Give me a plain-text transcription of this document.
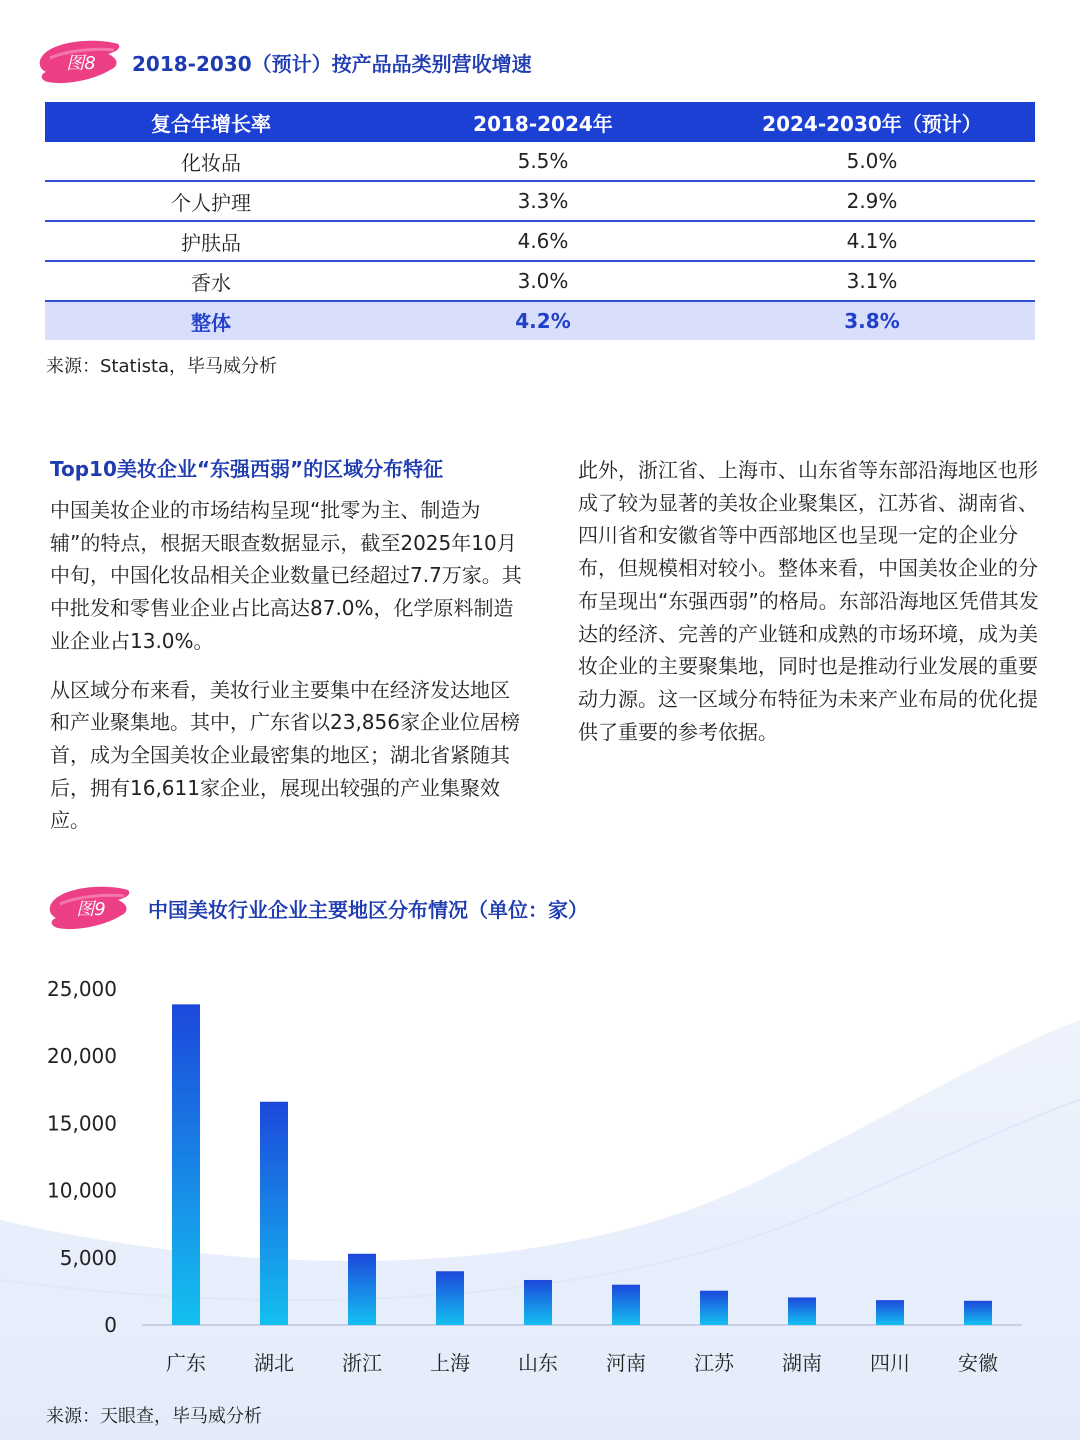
图8	2018-2030（预计）按产品品类别营收增速
复合年增长率	2018-2024年	2024-2030年（预计）
化妆品	5.5%	5.0%
个人护理	3.3%	2.9%
护肤品	4.6%	4.1%
香水	3.0%	3.1%
整体	4.2%	3.8%
来源：Statista，毕马威分析
Top10美妆企业“东强西弱”的区域分布特征

中国美妆企业的市场结构呈现“批零为主、制造为辅”的特点，根据天眼查数据显示，截至2025年10月中旬，中国化妆品相关企业数量已经超过7.7万家。其中批发和零售业企业占比高达87.0%，化学原料制造业企业占13.0%。

从区域分布来看，美妆行业主要集中在经济发达地区和产业聚集地。其中，广东省以23,856家企业位居榜首，成为全国美妆企业最密集的地区；湖北省紧随其后，拥有16,611家企业，展现出较强的产业集聚效应。

此外，浙江省、上海市、山东省等东部沿海地区也形成了较为显著的美妆企业聚集区，江苏省、湖南省、四川省和安徽省等中西部地区也呈现一定的企业分布，但规模相对较小。整体来看，中国美妆企业的分布呈现出“东强西弱”的格局。东部沿海地区凭借其发达的经济、完善的产业链和成熟的市场环境，成为美妆企业的主要聚集地，同时也是推动行业发展的重要动力源。这一区域分布特征为未来产业布局的优化提供了重要的参考依据。

图9	中国美妆行业企业主要地区分布情况（单位：家）
0
5,000
10,000
15,000
20,000
25,000
广东 湖北 浙江 上海 山东 河南 江苏 湖南 四川 安徽
来源：天眼查，毕马威分析
